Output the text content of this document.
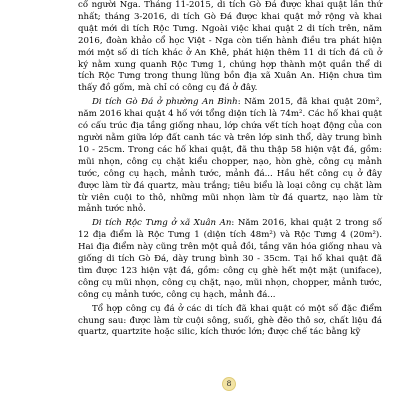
cổ người Nga. Tháng 11-2015, di tích Gò Đá được khai quật lần thứ nhất; tháng 3-2016, di tích Gò Đá được khai quật mở rộng và khai quật mới di tích Rộc Tưng. Ngoài việc khai quật 2 di tích trên, năm 2016, đoàn khảo cổ học Việt - Nga còn tiến hành điều tra phát hiện mới một số di tích khác ở An Khê, phát hiện thêm 11 di tích đá cũ ở ký nằm xung quanh Rộc Tưng 1, chúng hợp thành một quần thể di tích Rộc Tưng trong thung lũng bồn địa xã Xuân An. Hiện chưa tìm thấy đồ gốm, mà chỉ có công cụ đá ở đây.

Di tích Gò Đá ở phường An Bình: Năm 2015, đã khai quật 20m², năm 2016 khai quật 4 hố với tổng diện tích là 74m². Các hố khai quật có cấu trúc địa tầng giống nhau, lớp chứa vết tích hoạt động của con người nằm giữa lớp đất canh tác và trên lớp sinh thổ, dày trung bình 10 - 25cm. Trong các hố khai quật, đã thu thập 58 hiện vật đá, gồm: mũi nhọn, công cụ chặt kiểu chopper, nạo, hòn ghè, công cụ mảnh tước, công cụ hạch, mảnh tước, mảnh đá... Hầu hết công cụ ở đây được làm từ đá quartz, màu trắng; tiêu biểu là loại công cụ chặt làm từ viên cuội to thô, những mũi nhọn làm từ đá quartz, nạo làm từ mảnh tước nhỏ.

Di tích Rộc Tưng ở xã Xuân An: Năm 2016, khai quật 2 trong số 12 địa điểm là Rộc Tưng 1 (diện tích 48m²) và Rộc Tưng 4 (20m²). Hai địa điểm này cũng trên một quả đồi, tầng văn hóa giống nhau và giống di tích Gò Đá, dày trung bình 30 - 35cm. Tại hố khai quật đã tìm được 123 hiện vật đá, gồm: công cụ ghè hết một mặt (uniface), công cụ mũi nhọn, công cụ chặt, nạo, mũi nhọn, chopper, mảnh tước, công cụ mảnh tước, công cụ hạch, mảnh đá...

Tổ hợp công cụ đá ở các di tích đã khai quật có một số đặc điểm chung sau: được làm từ cuội sông, suối, ghè đẽo thô sơ, chất liệu đá quartz, quartzite hoặc silic, kích thước lớn; được chế tác bằng kỹ

8
